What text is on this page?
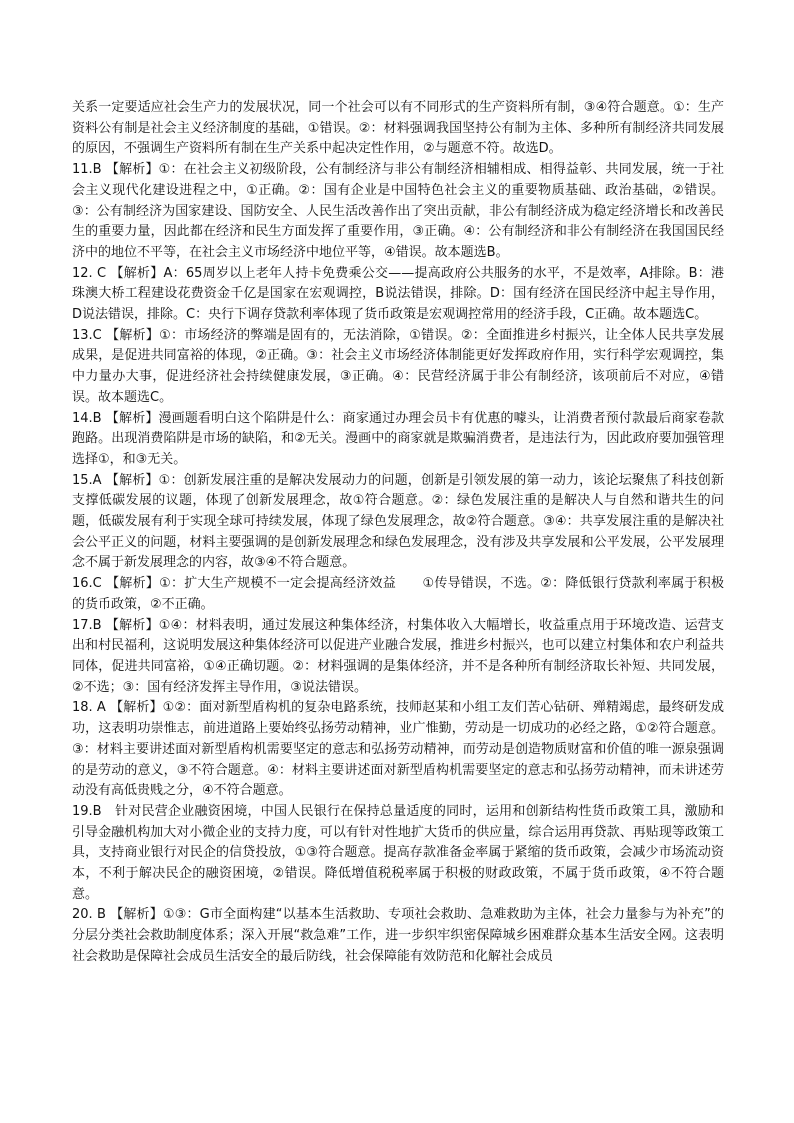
关系一定要适应社会生产力的发展状况，同一个社会可以有不同形式的生产资料所有制，③④符合题意。①：生产资料公有制是社会主义经济制度的基础，①错误。②：材料强调我国坚持公有制为主体、多种所有制经济共同发展的原因，不强调生产资料所有制在生产关系中起决定性作用，②与题意不符。故选D。

11.B 【解析】①：在社会主义初级阶段，公有制经济与非公有制经济相辅相成、相得益彰、共同发展，统一于社会主义现代化建设进程之中，①正确。②：国有企业是中国特色社会主义的重要物质基础、政治基础，②错误。③：公有制经济为国家建设、国防安全、人民生活改善作出了突出贡献，非公有制经济成为稳定经济增长和改善民生的重要力量，因此都在经济和民生方面发挥了重要作用，③正确。④：公有制经济和非公有制经济在我国国民经济中的地位不平等，在社会主义市场经济中地位平等，④错误。故本题选B。

12. C 【解析】A：65周岁以上老年人持卡免费乘公交——提高政府公共服务的水平，不是效率，A排除。B：港珠澳大桥工程建设花费资金千亿是国家在宏观调控，B说法错误，排除。D：国有经济在国民经济中起主导作用，D说法错误，排除。C：央行下调存贷款利率体现了货币政策是宏观调控常用的经济手段，C正确。故本题选C。

13.C 【解析】①：市场经济的弊端是固有的，无法消除，①错误。②：全面推进乡村振兴，让全体人民共享发展成果，是促进共同富裕的体现，②正确。③：社会主义市场经济体制能更好发挥政府作用，实行科学宏观调控，集中力量办大事，促进经济社会持续健康发展，③正确。④：民营经济属于非公有制经济，该项前后不对应，④错误。故本题选C。

14.B 【解析】漫画题看明白这个陷阱是什么：商家通过办理会员卡有优惠的噱头，让消费者预付款最后商家卷款跑路。出现消费陷阱是市场的缺陷，和②无关。漫画中的商家就是欺骗消费者，是违法行为，因此政府要加强管理选择①，和③无关。

15.A 【解析】①：创新发展注重的是解决发展动力的问题，创新是引领发展的第一动力，该论坛聚焦了科技创新支撑低碳发展的议题，体现了创新发展理念，故①符合题意。②：绿色发展注重的是解决人与自然和谐共生的问题，低碳发展有利于实现全球可持续发展，体现了绿色发展理念，故②符合题意。③④：共享发展注重的是解决社会公平正义的问题，材料主要强调的是创新发展理念和绿色发展理念，没有涉及共享发展和公平发展，公平发展理念不属于新发展理念的内容，故③④不符合题意。

16.C 【解析】①：扩大生产规模不一定会提高经济效益　　①传导错误，不选。②：降低银行贷款利率属于积极的货币政策，②不正确。

17.B 【解析】①④：材料表明，通过发展这种集体经济，村集体收入大幅增长，收益重点用于环境改造、运营支出和村民福利，这说明发展这种集体经济可以促进产业融合发展，推进乡村振兴，也可以建立村集体和农户利益共同体，促进共同富裕，①④正确切题。②：材料强调的是集体经济，并不是各种所有制经济取长补短、共同发展，②不选；③：国有经济发挥主导作用，③说法错误。

18. A 【解析】①②：面对新型盾构机的复杂电路系统，技师赵某和小组工友们苦心钻研、殚精竭虑，最终研发成功，这表明功崇惟志，前进道路上要始终弘扬劳动精神，业广惟勤，劳动是一切成功的必经之路，①②符合题意。③：材料主要讲述面对新型盾构机需要坚定的意志和弘扬劳动精神，而劳动是创造物质财富和价值的唯一源泉强调的是劳动的意义，③不符合题意。④：材料主要讲述面对新型盾构机需要坚定的意志和弘扬劳动精神，而未讲述劳动没有高低贵贱之分，④不符合题意。

19.B　针对民营企业融资困境，中国人民银行在保持总量适度的同时，运用和创新结构性货币政策工具，激励和引导金融机构加大对小微企业的支持力度，可以有针对性地扩大货币的供应量，综合运用再贷款、再贴现等政策工具，支持商业银行对民企的信贷投放，①③符合题意。提高存款准备金率属于紧缩的货币政策，会减少市场流动资本，不利于解决民企的融资困境，②错误。降低增值税税率属于积极的财政政策，不属于货币政策，④不符合题意。

20. B 【解析】①③：G市全面构建“以基本生活救助、专项社会救助、急难救助为主体，社会力量参与为补充”的分层分类社会救助制度体系；深入开展“救急难”工作，进一步织牢织密保障城乡困难群众基本生活安全网。这表明社会救助是保障社会成员生活安全的最后防线，社会保障能有效防范和化解社会成员
